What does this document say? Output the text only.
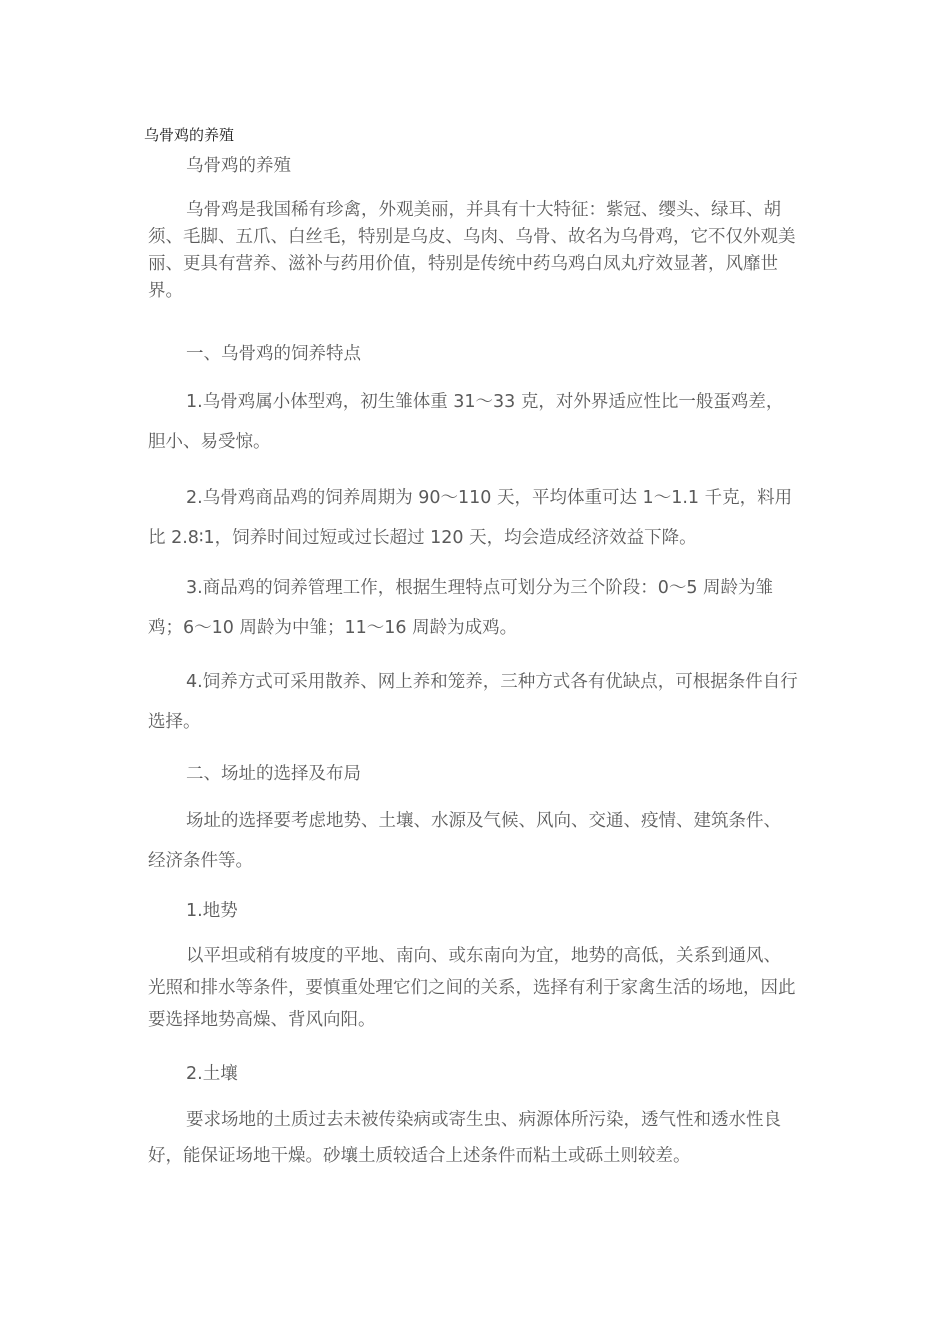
乌骨鸡的养殖
乌骨鸡的养殖
乌骨鸡是我国稀有珍禽，外观美丽，并具有十大特征：紫冠、缨头、绿耳、胡须、毛脚、五爪、白丝毛，特别是乌皮、乌肉、乌骨、故名为乌骨鸡，它不仅外观美丽、更具有营养、滋补与药用价值，特别是传统中药乌鸡白凤丸疗效显著，风靡世界。
一、乌骨鸡的饲养特点
1.乌骨鸡属小体型鸡，初生雏体重 31～33 克，对外界适应性比一般蛋鸡差，胆小、易受惊。
2.乌骨鸡商品鸡的饲养周期为 90～110 天，平均体重可达 1～1.1 千克，料用比 2.8∶1，饲养时间过短或过长超过 120 天，均会造成经济效益下降。
3.商品鸡的饲养管理工作，根据生理特点可划分为三个阶段：0～5 周龄为雏鸡；6～10 周龄为中雏；11～16 周龄为成鸡。
4.饲养方式可采用散养、网上养和笼养，三种方式各有优缺点，可根据条件自行选择。
二、场址的选择及布局
场址的选择要考虑地势、土壤、水源及气候、风向、交通、疫情、建筑条件、经济条件等。
1.地势
以平坦或稍有坡度的平地、南向、或东南向为宜，地势的高低，关系到通风、光照和排水等条件，要慎重处理它们之间的关系，选择有利于家禽生活的场地，因此要选择地势高燥、背风向阳。
2.土壤
要求场地的土质过去未被传染病或寄生虫、病源体所污染，透气性和透水性良好，能保证场地干燥。砂壤土质较适合上述条件而粘土或砾土则较差。
